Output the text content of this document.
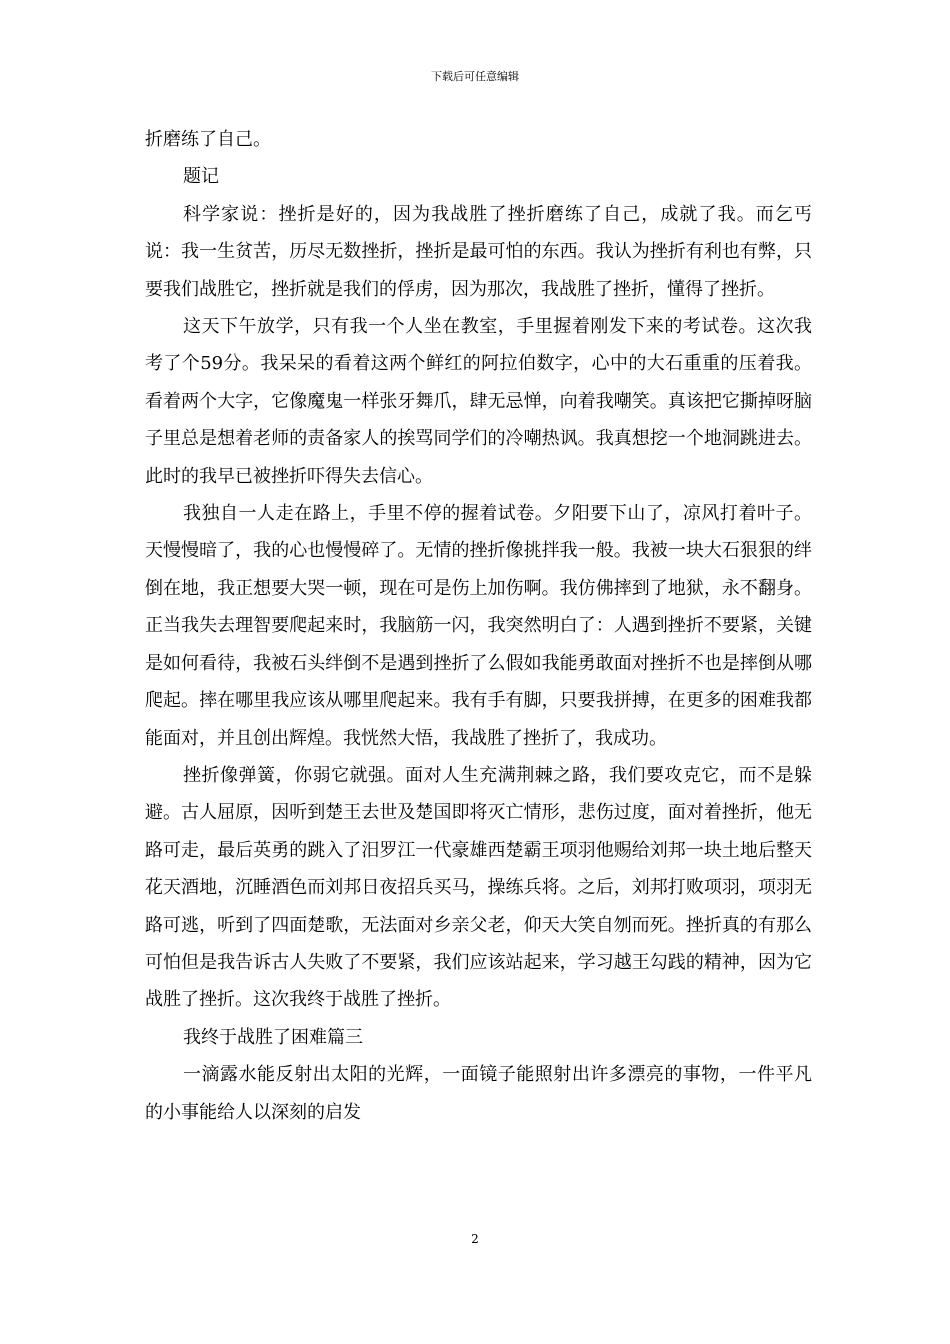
下载后可任意编辑

折磨练了自己。

题记

科学家说：挫折是好的，因为我战胜了挫折磨练了自己，成就了我。而乞丐说：我一生贫苦，历尽无数挫折，挫折是最可怕的东西。我认为挫折有利也有弊，只要我们战胜它，挫折就是我们的俘虏，因为那次，我战胜了挫折，懂得了挫折。

这天下午放学，只有我一个人坐在教室，手里握着刚发下来的考试卷。这次我考了个59分。我呆呆的看着这两个鲜红的阿拉伯数字，心中的大石重重的压着我。看着两个大字，它像魔鬼一样张牙舞爪，肆无忌惮，向着我嘲笑。真该把它撕掉呀脑子里总是想着老师的责备家人的挨骂同学们的冷嘲热讽。我真想挖一个地洞跳进去。此时的我早已被挫折吓得失去信心。

我独自一人走在路上，手里不停的握着试卷。夕阳要下山了，凉风打着叶子。天慢慢暗了，我的心也慢慢碎了。无情的挫折像挑拌我一般。我被一块大石狠狠的绊倒在地，我正想要大哭一顿，现在可是伤上加伤啊。我仿佛摔到了地狱，永不翻身。正当我失去理智要爬起来时，我脑筋一闪，我突然明白了：人遇到挫折不要紧，关键是如何看待，我被石头绊倒不是遇到挫折了么假如我能勇敢面对挫折不也是摔倒从哪爬起。摔在哪里我应该从哪里爬起来。我有手有脚，只要我拼搏，在更多的困难我都能面对，并且创出辉煌。我恍然大悟，我战胜了挫折了，我成功。

挫折像弹簧，你弱它就强。面对人生充满荆棘之路，我们要攻克它，而不是躲避。古人屈原，因听到楚王去世及楚国即将灭亡情形，悲伤过度，面对着挫折，他无路可走，最后英勇的跳入了汨罗江一代豪雄西楚霸王项羽他赐给刘邦一块土地后整天花天酒地，沉睡酒色而刘邦日夜招兵买马，操练兵将。之后，刘邦打败项羽，项羽无路可逃，听到了四面楚歌，无法面对乡亲父老，仰天大笑自刎而死。挫折真的有那么可怕但是我告诉古人失败了不要紧，我们应该站起来，学习越王勾践的精神，因为它战胜了挫折。这次我终于战胜了挫折。

我终于战胜了困难篇三

一滴露水能反射出太阳的光辉，一面镜子能照射出许多漂亮的事物，一件平凡的小事能给人以深刻的启发

2
